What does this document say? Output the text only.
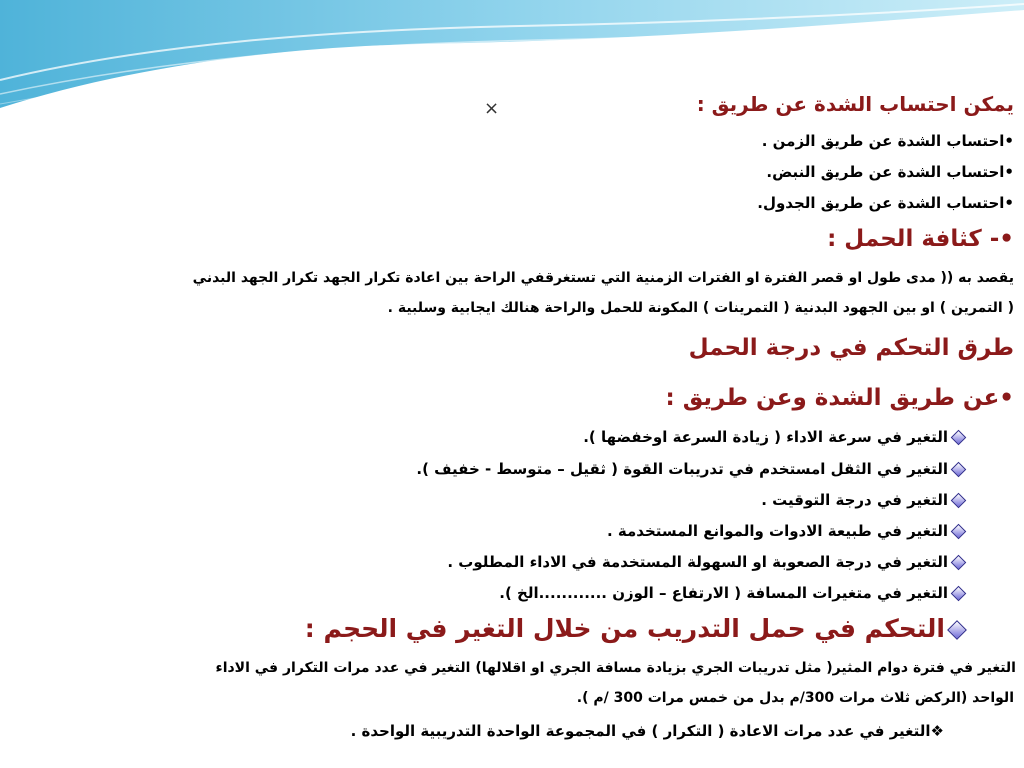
×	يمكن احتساب الشدة عن طريق :
•احتساب الشدة عن طريق الزمن .
•احتساب الشدة عن طريق النبض.
•احتساب الشدة عن طريق الجدول.
•- كثافة الحمل :
يقصد به (( مدى طول او قصر الفترة او الفترات الزمنية التي تستغرقفي الراحة بين اعادة تكرار الجهد تكرار الجهد البدني
( التمرين ) او بين الجهود البدنية ( التمرينات ) المكونة للحمل والراحة هنالك ايجابية وسلبية .
طرق التحكم في درجة الحمل
•عن طريق الشدة وعن طريق :
التغير في سرعة الاداء ( زيادة السرعة اوخفضها ).
التغير في الثقل امستخدم في تدريبات القوة ( ثقيل – متوسط - خفيف ).
التغير في درجة التوقيت .
التغير في طبيعة الادوات والموانع المستخدمة .
التغير في درجة الصعوبة او السهولة المستخدمة في الاداء المطلوب .
التغير في متغيرات المسافة ( الارتفاع – الوزن ............الخ ).
التحكم في حمل التدريب من خلال التغير في الحجم :
التغير في فترة دوام المثير( مثل تدريبات الجري بزيادة مسافة الجري او اقلالها) التغير في عدد مرات التكرار في الاداء
الواحد (الركض ثلاث مرات 300/م بدل من خمس مرات 300 /م ).
❖التغير في عدد مرات الاعادة ( التكرار ) في المجموعة الواحدة التدريبية الواحدة .
